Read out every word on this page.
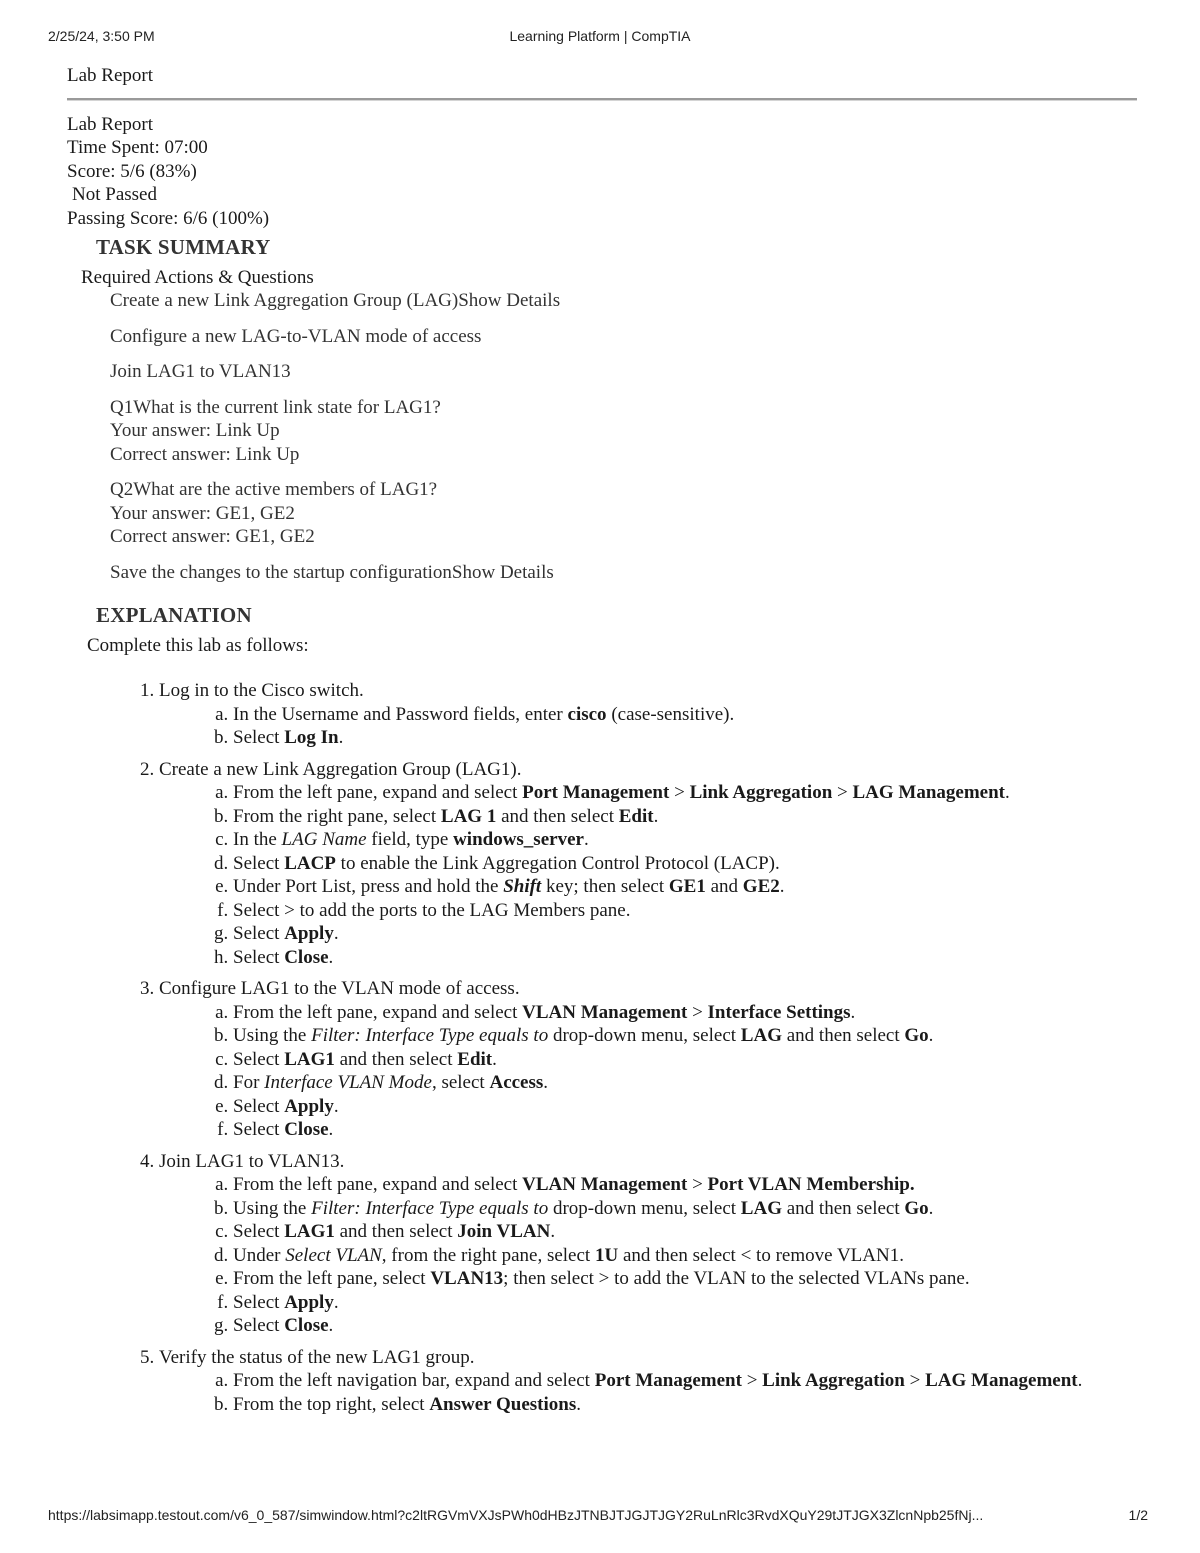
2/25/24, 3:50 PM	Learning Platform | CompTIA
Lab Report
Lab Report
Time Spent: 07:00
Score: 5/6 (83%)
Not Passed
Passing Score: 6/6 (100%)
TASK SUMMARY
Required Actions & Questions
Create a new Link Aggregation Group (LAG)Show Details
Configure a new LAG-to-VLAN mode of access
Join LAG1 to VLAN13
Q1What is the current link state for LAG1?
Your answer: Link Up
Correct answer: Link Up
Q2What are the active members of LAG1?
Your answer: GE1, GE2
Correct answer: GE1, GE2
Save the changes to the startup configurationShow Details
EXPLANATION
Complete this lab as follows:
1. Log in to the Cisco switch.
a. In the Username and Password fields, enter cisco (case-sensitive).
b. Select Log In.
2. Create a new Link Aggregation Group (LAG1).
a. From the left pane, expand and select Port Management > Link Aggregation > LAG Management.
b. From the right pane, select LAG 1 and then select Edit.
c. In the LAG Name field, type windows_server.
d. Select LACP to enable the Link Aggregation Control Protocol (LACP).
e. Under Port List, press and hold the Shift key; then select GE1 and GE2.
f. Select > to add the ports to the LAG Members pane.
g. Select Apply.
h. Select Close.
3. Configure LAG1 to the VLAN mode of access.
a. From the left pane, expand and select VLAN Management > Interface Settings.
b. Using the Filter: Interface Type equals to drop-down menu, select LAG and then select Go.
c. Select LAG1 and then select Edit.
d. For Interface VLAN Mode, select Access.
e. Select Apply.
f. Select Close.
4. Join LAG1 to VLAN13.
a. From the left pane, expand and select VLAN Management > Port VLAN Membership.
b. Using the Filter: Interface Type equals to drop-down menu, select LAG and then select Go.
c. Select LAG1 and then select Join VLAN.
d. Under Select VLAN, from the right pane, select 1U and then select < to remove VLAN1.
e. From the left pane, select VLAN13; then select > to add the VLAN to the selected VLANs pane.
f. Select Apply.
g. Select Close.
5. Verify the status of the new LAG1 group.
a. From the left navigation bar, expand and select Port Management > Link Aggregation > LAG Management.
b. From the top right, select Answer Questions.
https://labsimapp.testout.com/v6_0_587/simwindow.html?c2ltRGVmVXJsPWh0dHBzJTNBJTJGJTJGY2RuLnRlc3RvdXQuY29tJTJGX3ZlcnNpb25fNj...	1/2
